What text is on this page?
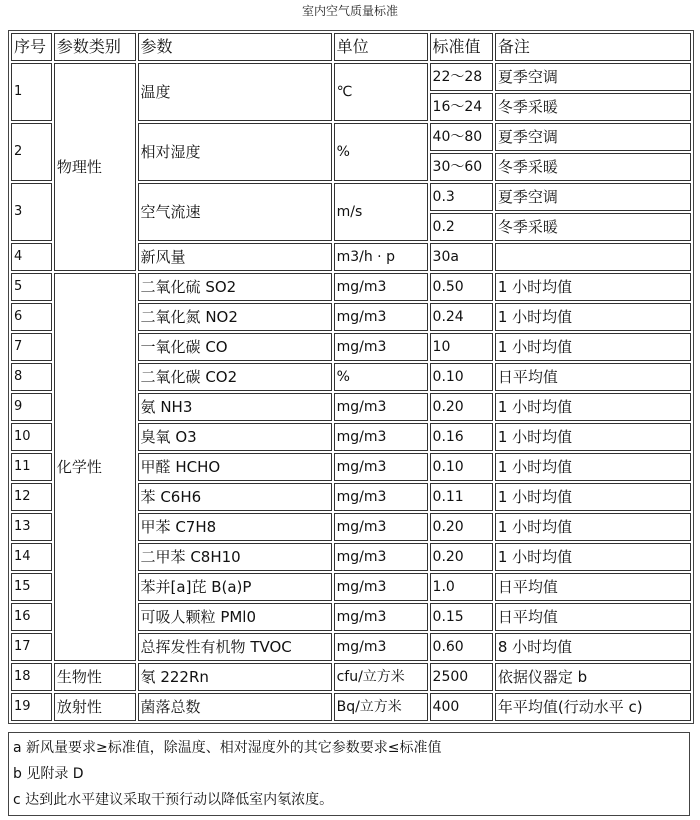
室内空气质量标准
序号	参数类别	参数	单位	标准值	备注
1	物理性	温度	℃	22～28	夏季空调
				16～24	冬季采暖
2		相对湿度	%	40～80	夏季空调
				30～60	冬季采暖
3		空气流速	m/s	0.3	夏季空调
				0.2	冬季采暖
4		新风量	m3/h · p	30a	
5	化学性	二氧化硫 SO2	mg/m3	0.50	1 小时均值
6		二氧化氮 NO2	mg/m3	0.24	1 小时均值
7		一氧化碳 CO	mg/m3	10	1 小时均值
8		二氧化碳 CO2	%	0.10	日平均值
9		氨 NH3	mg/m3	0.20	1 小时均值
10		臭氧 O3	mg/m3	0.16	1 小时均值
11		甲醛 HCHO	mg/m3	0.10	1 小时均值
12		苯 C6H6	mg/m3	0.11	1 小时均值
13		甲苯 C7H8	mg/m3	0.20	1 小时均值
14		二甲苯 C8H10	mg/m3	0.20	1 小时均值
15		苯并[a]芘 B(a)P	mg/m3	1.0	日平均值
16		可吸人颗粒 PMl0	mg/m3	0.15	日平均值
17		总挥发性有机物 TVOC	mg/m3	0.60	8 小时均值
18	生物性	氡 222Rn	cfu/立方米	2500	依据仪器定 b
19	放射性	菌落总数	Bq/立方米	400	年平均值(行动水平 c)
a 新风量要求≥标准值，除温度、相对湿度外的其它参数要求≤标准值
b 见附录 D
c 达到此水平建议采取干预行动以降低室内氡浓度。
